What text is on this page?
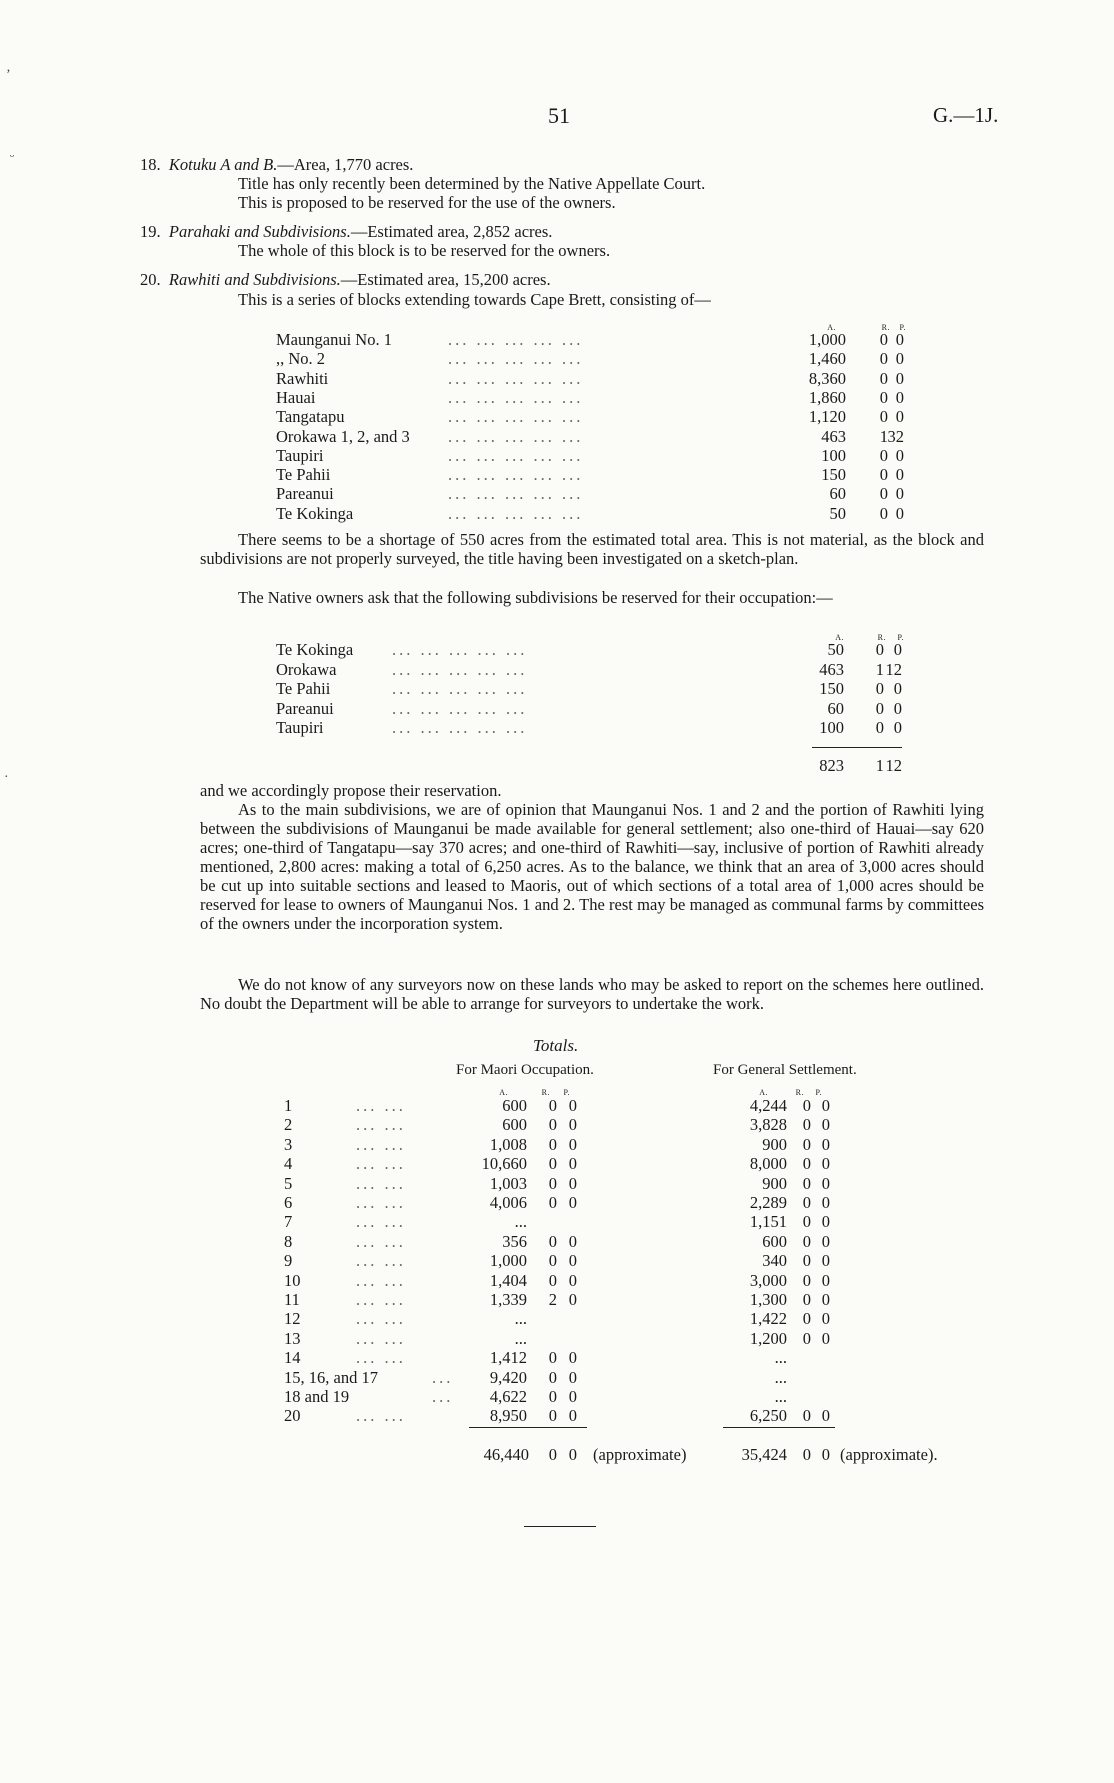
51	G.—1J.
18. Kotuku A and B.—Area, 1,770 acres.
Title has only recently been determined by the Native Appellate Court.
This is proposed to be reserved for the use of the owners.
19. Parahaki and Subdivisions.—Estimated area, 2,852 acres.
The whole of this block is to be reserved for the owners.
20. Rawhiti and Subdivisions.—Estimated area, 15,200 acres.
This is a series of blocks extending towards Cape Brett, consisting of—
A.	R. P.
Maunganui No. 1	... ... ... ... ...	1,000 0 0
,, No. 2	... ... ... ... ...	1,460 0 0
Rawhiti	... ... ... ... ...	8,360 0 0
Hauai	... ... ... ... ...	1,860 0 0
Tangatapu	... ... ... ... ...	1,120 0 0
Orokawa 1, 2, and 3 ... ... ... ... ...	463 1 32
Taupiri	... ... ... ... ...	100 0 0
Te Pahii	... ... ... ... ...	150 0 0
Pareanui	... ... ... ... ...	60 0 0
Te Kokinga	... ... ... ... ...	50 0 0

There seems to be a shortage of 550 acres from the estimated total area. This is not material, as the block and subdivisions are not properly surveyed, the title having been investigated on a sketch-plan.

The Native owners ask that the following subdivisions be reserved for their occupation:—

A.	R. P.
Te Kokinga ... ... ... ... ...	50 0 0
Orokawa	... ... ... ... ...	463 1 12
Te Pahii	... ... ... ... ...	150 0 0
Pareanui	... ... ... ... ...	60 0 0
Taupiri	... ... ... ... ...	100 0 0
823 1 12

and we accordingly propose their reservation.

As to the main subdivisions, we are of opinion that Maunganui Nos. 1 and 2 and the portion of Rawhiti lying between the subdivisions of Maunganui be made available for general settlement; also one-third of Hauai—say 620 acres; one-third of Tangatapu—say 370 acres; and one-third of Rawhiti—say, inclusive of portion of Rawhiti already mentioned, 2,800 acres: making a total of 6,250 acres. As to the balance, we think that an area of 3,000 acres should be cut up into suitable sections and leased to Maoris, out of which sections of a total area of 1,000 acres should be reserved for lease to owners of Maunganui Nos. 1 and 2. The rest may be managed as communal farms by committees of the owners under the incorporation system.

We do not know of any surveyors now on these lands who may be asked to report on the schemes here outlined. No doubt the Department will be able to arrange for surveyors to undertake the work.

Totals.
For Maori Occupation.	For General Settlement.
A.	R. P.	A.	R. P.
1	... ...	600 0 0	4,244 0 0
2	... ...	600 0 0	3,828 0 0
3	... ...	1,008 0 0	900 0 0
4	... ...	10,660 0 0	8,000 0 0
5	... ...	1,003 0 0	900 0 0
6	... ...	4,006 0 0	2,289 0 0
7	... ...	...	1,151 0 0
8	... ...	356 0 0	600 0 0
9	... ...	1,000 0 0	340 0 0
10	... ...	1,404 0 0	3,000 0 0
11	... ...	1,339 2 0	1,300 0 0
12	... ...	...	1,422 0 0
13	... ...	...	1,200 0 0
14	... ...	1,412 0 0	...
15, 16, and 17	... 9,420 0 0	...
18 and 19	... 4,622 0 0	...
20	... ...	8,950 0 0	6,250 0 0
46,440 0 0 (approximate)	35,424 0 0 (approximate).
‚
ᵕ
·
